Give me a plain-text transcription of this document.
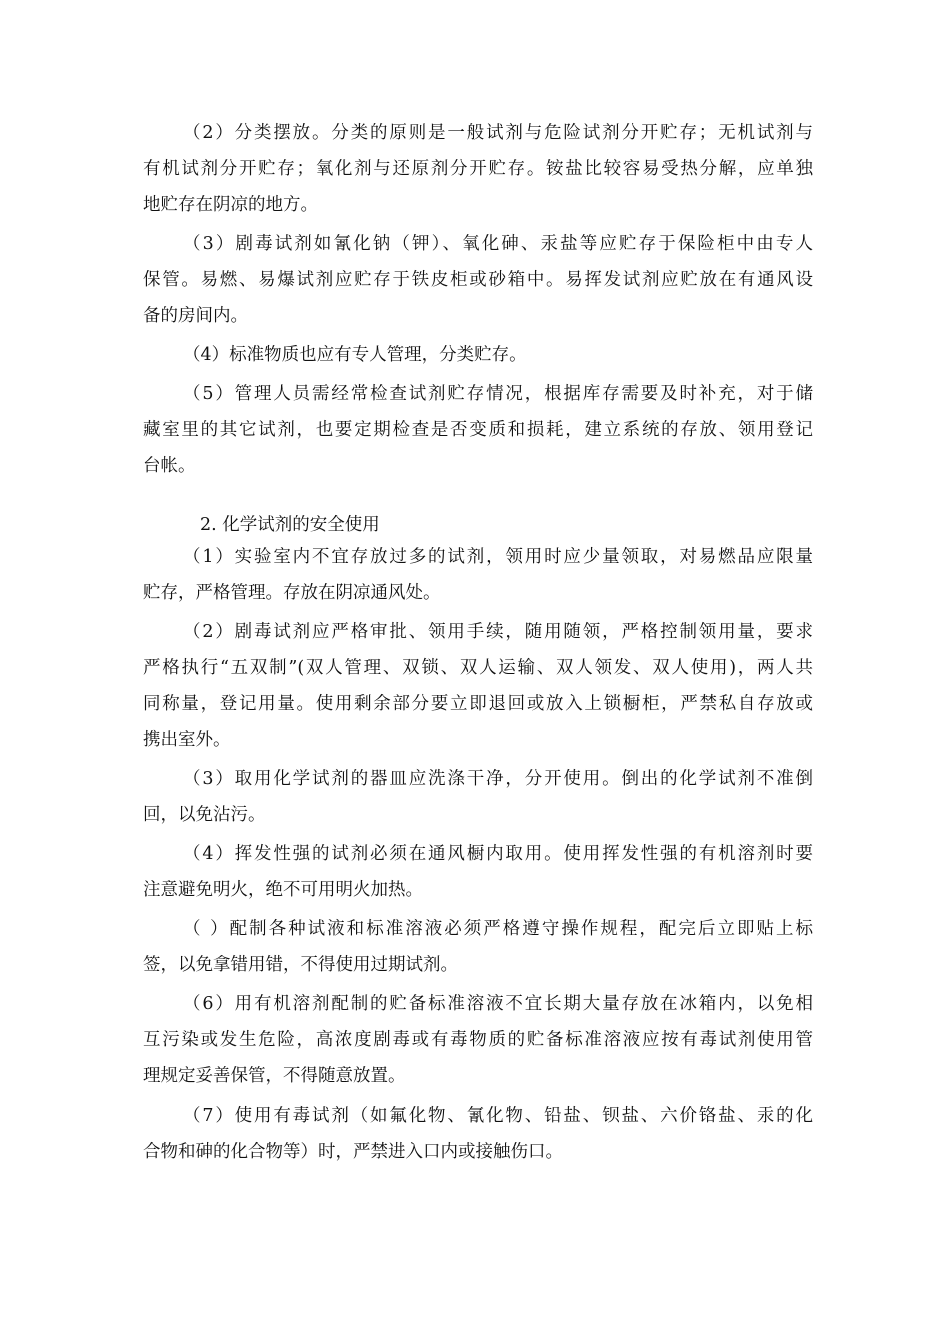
（2）分类摆放。分类的原则是一般试剂与危险试剂分开贮存；无机试剂与
有机试剂分开贮存；氧化剂与还原剂分开贮存。铵盐比较容易受热分解，应单独
地贮存在阴凉的地方。
（3）剧毒试剂如氰化钠（钾）、氧化砷、汞盐等应贮存于保险柜中由专人
保管。易燃、易爆试剂应贮存于铁皮柜或砂箱中。易挥发试剂应贮放在有通风设
备的房间内。
（4）标准物质也应有专人管理，分类贮存。
（5）管理人员需经常检查试剂贮存情况，根据库存需要及时补充，对于储
藏室里的其它试剂，也要定期检查是否变质和损耗，建立系统的存放、领用登记
台帐。
2. 化学试剂的安全使用
（1）实验室内不宜存放过多的试剂，领用时应少量领取，对易燃品应限量
贮存，严格管理。存放在阴凉通风处。
（2）剧毒试剂应严格审批、领用手续，随用随领，严格控制领用量，要求
严格执行“五双制”(双人管理、双锁、双人运输、双人领发、双人使用)，两人共
同称量，登记用量。使用剩余部分要立即退回或放入上锁橱柜，严禁私自存放或
携出室外。
（3）取用化学试剂的器皿应洗涤干净，分开使用。倒出的化学试剂不准倒
回，以免沾污。
（4）挥发性强的试剂必须在通风橱内取用。使用挥发性强的有机溶剂时要
注意避免明火，绝不可用明火加热。
（ ）配制各种试液和标准溶液必须严格遵守操作规程，配完后立即贴上标
签，以免拿错用错，不得使用过期试剂。
（6）用有机溶剂配制的贮备标准溶液不宜长期大量存放在冰箱内，以免相
互污染或发生危险，高浓度剧毒或有毒物质的贮备标准溶液应按有毒试剂使用管
理规定妥善保管，不得随意放置。
（7）使用有毒试剂（如氟化物、氰化物、铅盐、钡盐、六价铬盐、汞的化
合物和砷的化合物等）时，严禁进入口内或接触伤口。
